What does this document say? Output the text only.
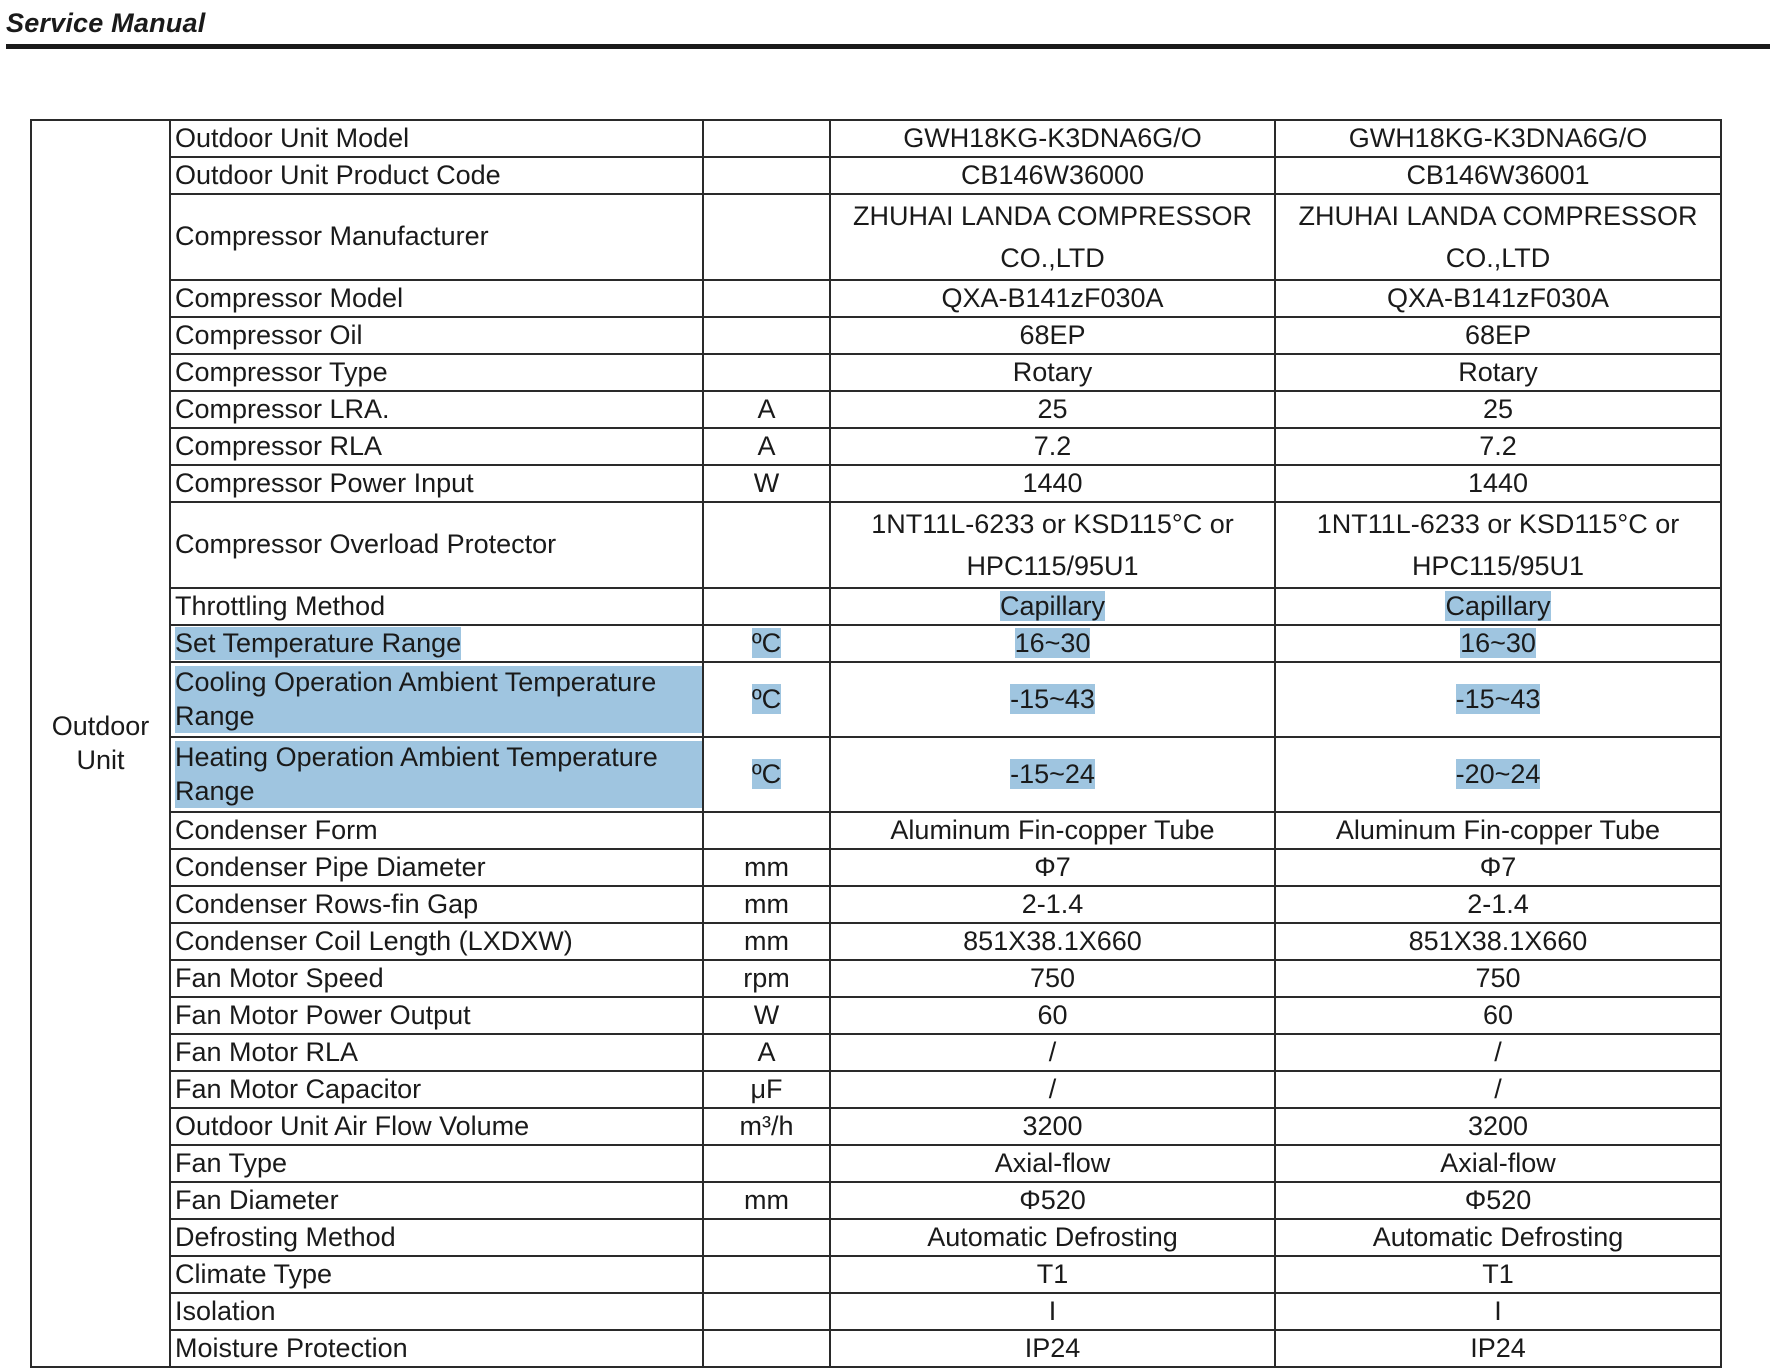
Service Manual
Outdoor
Unit	Outdoor Unit Model		GWH18KG-K3DNA6G/O	GWH18KG-K3DNA6G/O
	Outdoor Unit Product Code		CB146W36000	CB146W36001
	Compressor Manufacturer		ZHUHAI LANDA COMPRESSOR CO.,LTD	ZHUHAI LANDA COMPRESSOR CO.,LTD
	Compressor Model		QXA-B141zF030A	QXA-B141zF030A
	Compressor Oil		68EP	68EP
	Compressor Type		Rotary	Rotary
	Compressor LRA.	A	25	25
	Compressor RLA	A	7.2	7.2
	Compressor Power Input	W	1440	1440
	Compressor Overload Protector		1NT11L-6233 or KSD115°C or HPC115/95U1	1NT11L-6233 or KSD115°C or HPC115/95U1
	Throttling Method		Capillary	Capillary
	Set Temperature Range	ºC	16~30	16~30
	Cooling Operation Ambient Temperature Range	ºC	-15~43	-15~43
	Heating Operation Ambient Temperature Range	ºC	-15~24	-20~24
	Condenser Form		Aluminum Fin-copper Tube	Aluminum Fin-copper Tube
	Condenser Pipe Diameter	mm	Φ7	Φ7
	Condenser Rows-fin Gap	mm	2-1.4	2-1.4
	Condenser Coil Length (LXDXW)	mm	851X38.1X660	851X38.1X660
	Fan Motor Speed	rpm	750	750
	Fan Motor Power Output	W	60	60
	Fan Motor RLA	A	/	/
	Fan Motor Capacitor	μF	/	/
	Outdoor Unit Air Flow Volume	m³/h	3200	3200
	Fan Type		Axial-flow	Axial-flow
	Fan Diameter	mm	Φ520	Φ520
	Defrosting Method		Automatic Defrosting	Automatic Defrosting
	Climate Type		T1	T1
	Isolation		I	I
	Moisture Protection		IP24	IP24
